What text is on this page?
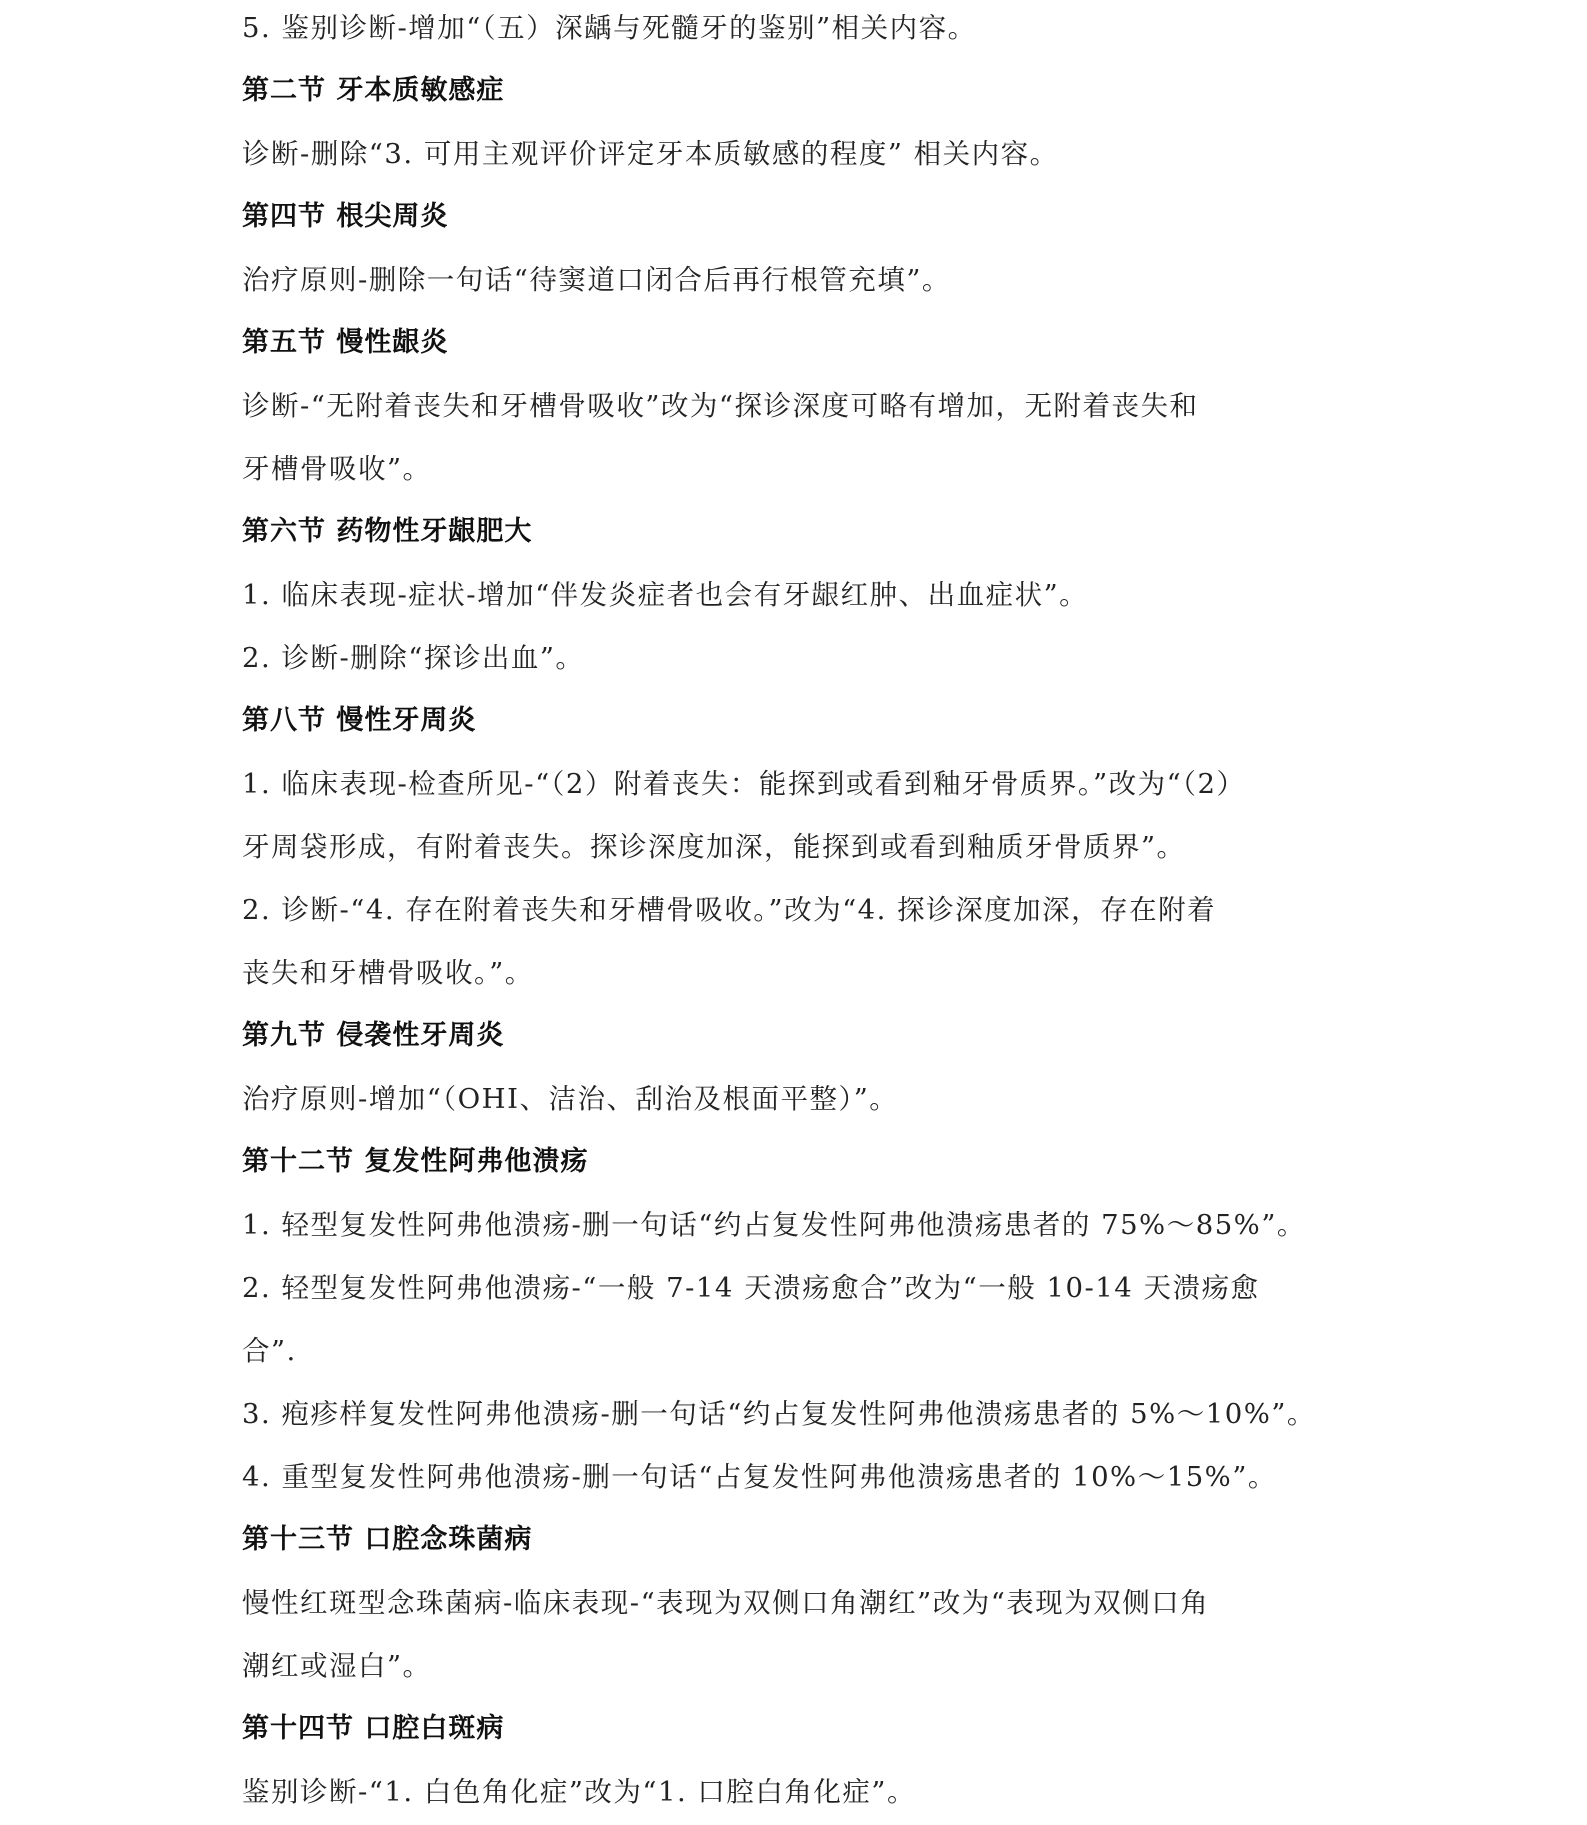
5. 鉴别诊断-增加“（五）深龋与死髓牙的鉴别”相关内容。
第二节 牙本质敏感症
诊断-删除“3. 可用主观评价评定牙本质敏感的程度” 相关内容。
第四节 根尖周炎
治疗原则-删除一句话“待窦道口闭合后再行根管充填”。
第五节 慢性龈炎
诊断-“无附着丧失和牙槽骨吸收”改为“探诊深度可略有增加，无附着丧失和
牙槽骨吸收”。
第六节 药物性牙龈肥大
1. 临床表现-症状-增加“伴发炎症者也会有牙龈红肿、出血症状”。
2. 诊断-删除“探诊出血”。
第八节 慢性牙周炎
1. 临床表现-检查所见-“（2）附着丧失：能探到或看到釉牙骨质界。”改为“（2）
牙周袋形成，有附着丧失。探诊深度加深，能探到或看到釉质牙骨质界”。
2. 诊断-“4. 存在附着丧失和牙槽骨吸收。”改为“4. 探诊深度加深，存在附着
丧失和牙槽骨吸收。”。
第九节 侵袭性牙周炎
治疗原则-增加“（OHI、洁治、刮治及根面平整）”。
第十二节 复发性阿弗他溃疡
1. 轻型复发性阿弗他溃疡-删一句话“约占复发性阿弗他溃疡患者的 75%～85%”。
2. 轻型复发性阿弗他溃疡-“一般 7-14 天溃疡愈合”改为“一般 10-14 天溃疡愈
合”.
3. 疱疹样复发性阿弗他溃疡-删一句话“约占复发性阿弗他溃疡患者的 5%～10%”。
4. 重型复发性阿弗他溃疡-删一句话“占复发性阿弗他溃疡患者的 10%～15%”。
第十三节 口腔念珠菌病
慢性红斑型念珠菌病-临床表现-“表现为双侧口角潮红”改为“表现为双侧口角
潮红或湿白”。
第十四节 口腔白斑病
鉴别诊断-“1. 白色角化症”改为“1. 口腔白角化症”。
